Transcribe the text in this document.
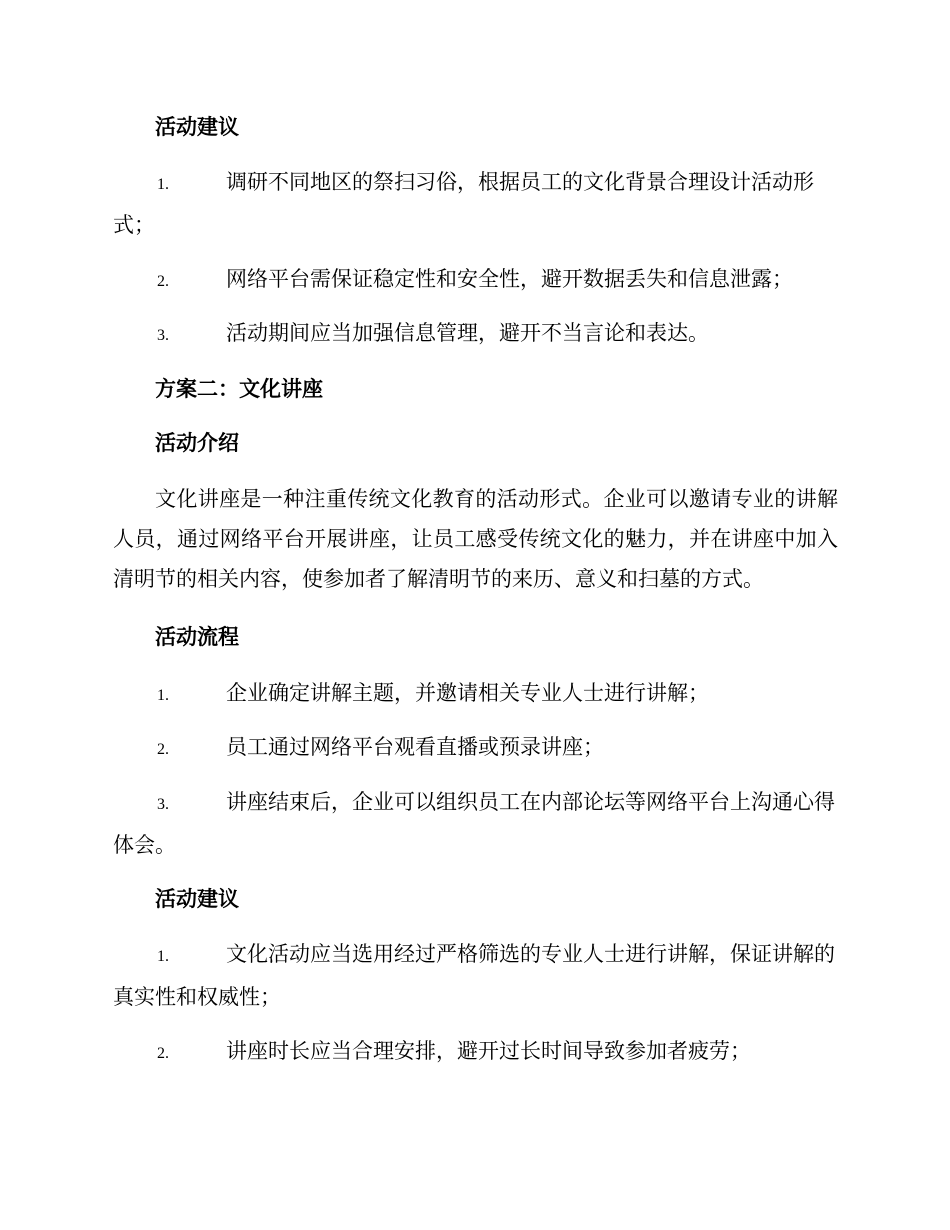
活动建议

1.	调研不同地区的祭扫习俗，根据员工的文化背景合理设计活动形式；

2.	网络平台需保证稳定性和安全性，避开数据丢失和信息泄露；

3.	活动期间应当加强信息管理，避开不当言论和表达。

方案二：文化讲座

活动介绍

文化讲座是一种注重传统文化教育的活动形式。企业可以邀请专业的讲解人员，通过网络平台开展讲座，让员工感受传统文化的魅力，并在讲座中加入清明节的相关内容，使参加者了解清明节的来历、意义和扫墓的方式。

活动流程

1.	企业确定讲解主题，并邀请相关专业人士进行讲解；

2.	员工通过网络平台观看直播或预录讲座；

3.	讲座结束后，企业可以组织员工在内部论坛等网络平台上沟通心得体会。

活动建议

1.	文化活动应当选用经过严格筛选的专业人士进行讲解，保证讲解的真实性和权威性；

2.	讲座时长应当合理安排，避开过长时间导致参加者疲劳；
